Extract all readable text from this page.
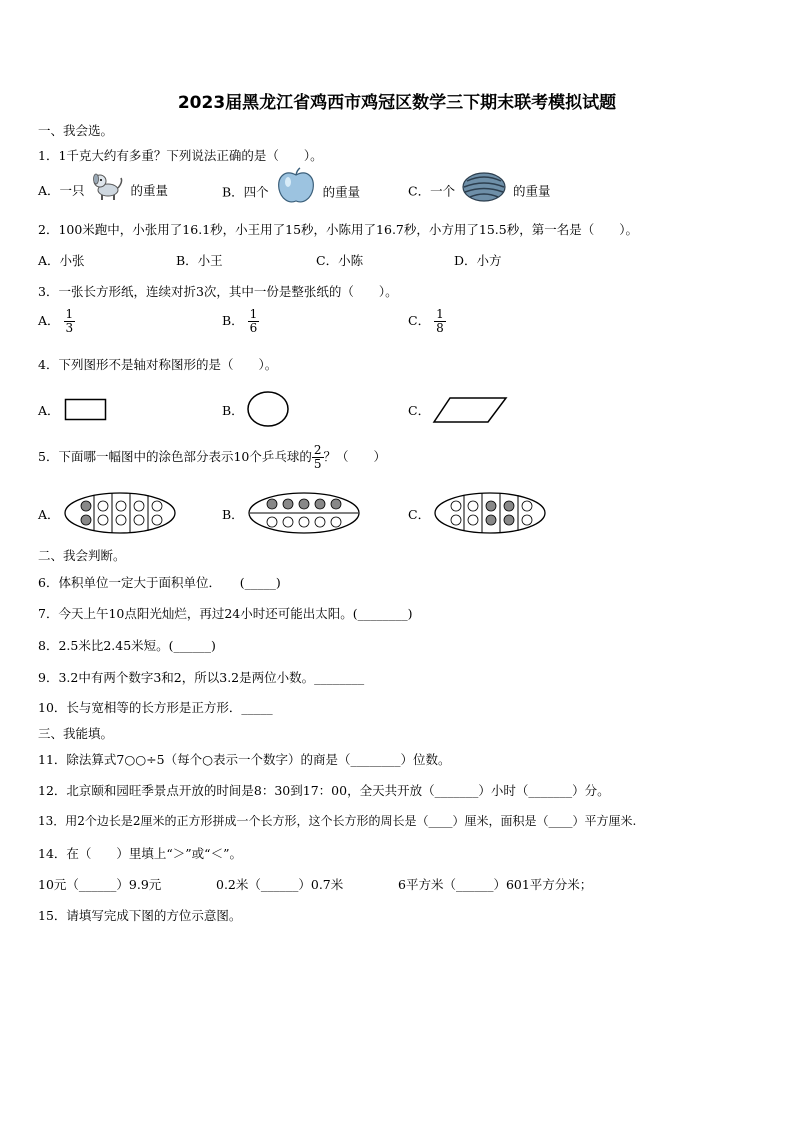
2023届黑龙江省鸡西市鸡冠区数学三下期末联考模拟试题
一、我会选。
1．1千克大约有多重？下列说法正确的是（　　）。
A．一只	的重量	B．四个	的重量	C．一个	的重量
2．100米跑中，小张用了16.1秒，小王用了15秒，小陈用了16.7秒，小方用了15.5秒，第一名是（　　）。
A．小张	B．小王	C．小陈	D．小方
3．一张长方形纸，连续对折3次，其中一份是整张纸的（　　）。
A． $\frac{1}{3}$	B． $\frac{1}{6}$	C． $\frac{1}{8}$
4．下列图形不是轴对称图形的是（　　）。
A．	B．	C．
5．下面哪一幅图中的涂色部分表示10个乒乓球的 $\frac{2}{5}$ ？（　　）
A．	B．	C．
二、我会判断。
6．体积单位一定大于面积单位．　　(_____)
7．今天上午10点阳光灿烂，再过24小时还可能出太阳。(________)
8．2.5米比2.45米短。(______)
9．3.2中有两个数字3和2，所以3.2是两位小数。________
10．长与宽相等的长方形是正方形．_____
三、我能填。
11．除法算式7○○÷5（每个○表示一个数字）的商是（________）位数。
12．北京颐和园旺季景点开放的时间是8：30到17：00，全天共开放（_______）小时（_______）分。
13．用2个边长是2厘米的正方形拼成一个长方形，这个长方形的周长是（____）厘米，面积是（____）平方厘米.
14．在（　　）里填上“＞”或“＜”。
10元（______）9.9元	0.2米（______）0.7米	6平方米（______）601平方分米；
15．请填写完成下图的方位示意图。
